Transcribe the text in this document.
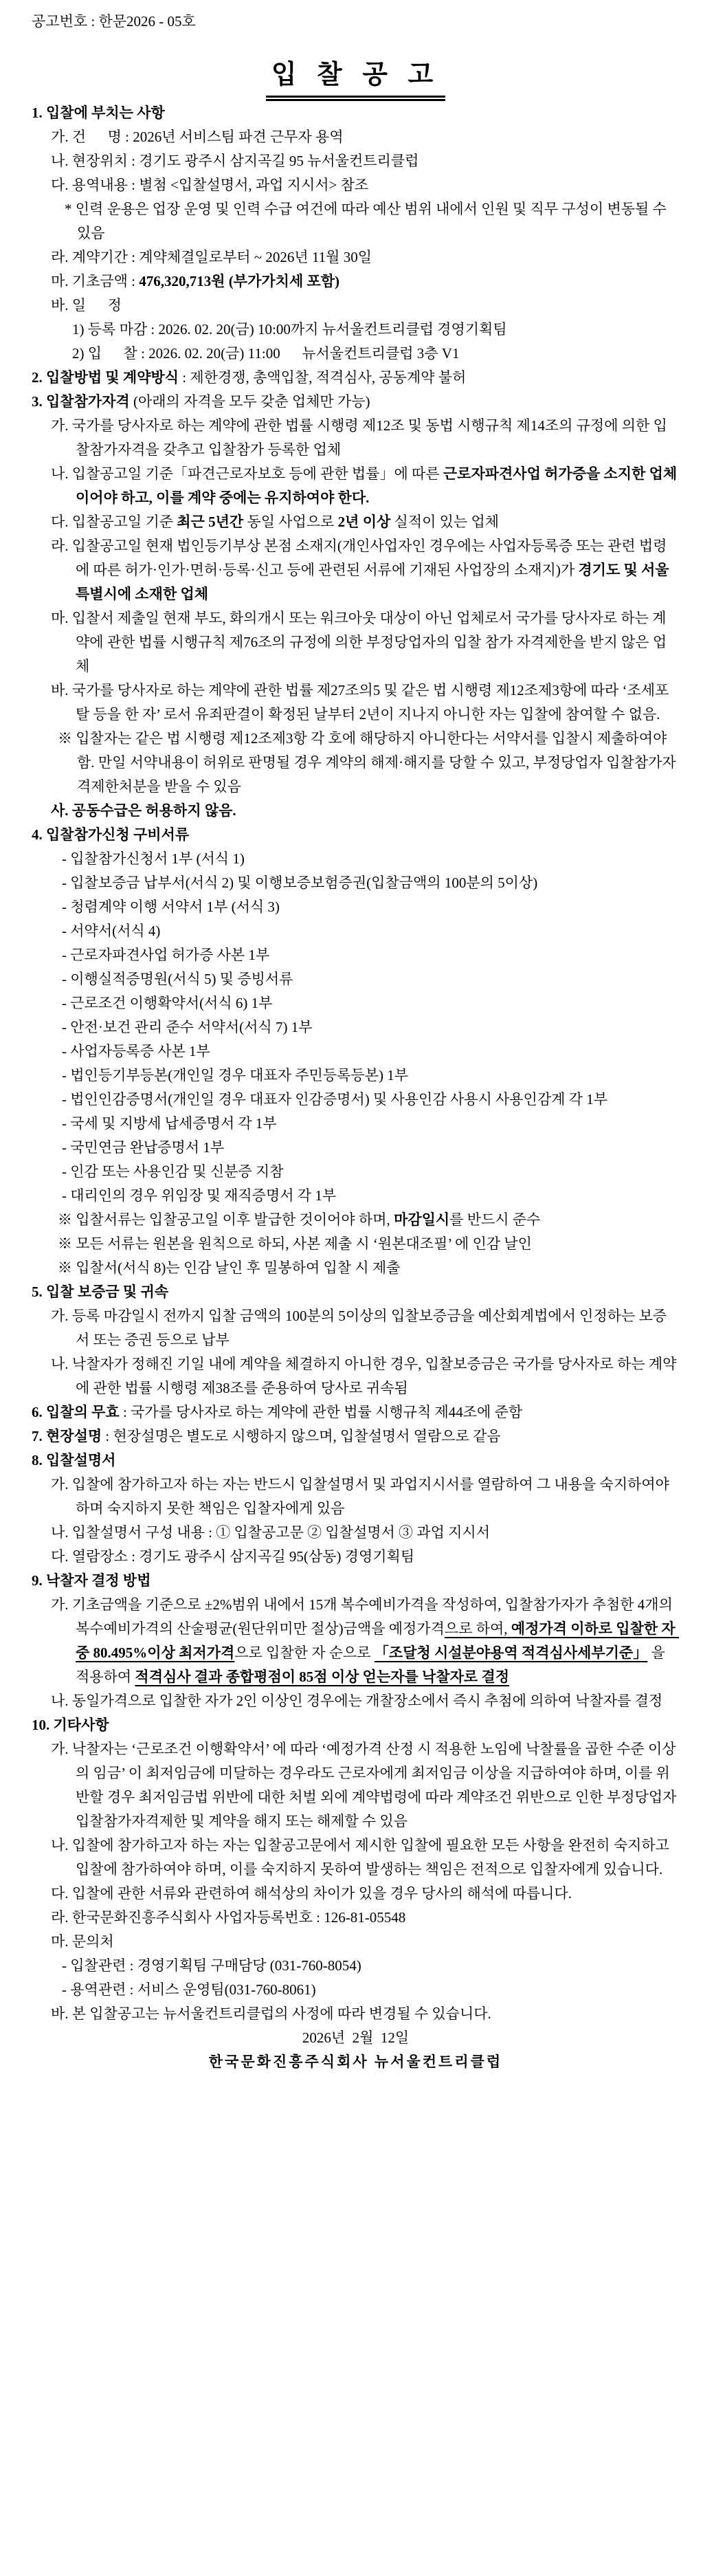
공고번호 : 한문2026 - 05호

입 찰 공 고

1. 입찰에 부치는 사항

가. 건      명 : 2026년 서비스팀 파견 근무자 용역

나. 현장위치 : 경기도 광주시 삼지곡길 95 뉴서울컨트리클럽

다. 용역내용 : 별첨 <입찰설명서, 과업 지시서> 참조

* 인력 운용은 업장 운영 및 인력 수급 여건에 따라 예산 범위 내에서 인원 및 직무 구성이 변동될 수 있음

라. 계약기간 : 계약체결일로부터 ~ 2026년 11월 30일

마. 기초금액 : 476,320,713원 (부가가치세 포함)

바. 일      정

1) 등록 마감 : 2026. 02. 20(금) 10:00까지 뉴서울컨트리클럽 경영기획팀

2) 입      찰 : 2026. 02. 20(금) 11:00      뉴서울컨트리클럽 3층 V1

2. 입찰방법 및 계약방식 : 제한경쟁, 총액입찰, 적격심사, 공동계약 불허

3. 입찰참가자격 (아래의 자격을 모두 갖춘 업체만 가능)

가. 국가를 당사자로 하는 계약에 관한 법률 시행령 제12조 및 동법 시행규칙 제14조의 규정에 의한 입찰참가자격을 갖추고 입찰참가 등록한 업체

나. 입찰공고일 기준「파견근로자보호 등에 관한 법률」에 따른 근로자파견사업 허가증을 소지한 업체이어야 하고, 이를 계약 중에는 유지하여야 한다.

다. 입찰공고일 기준 최근 5년간 동일 사업으로 2년 이상 실적이 있는 업체

라. 입찰공고일 현재 법인등기부상 본점 소재지(개인사업자인 경우에는 사업자등록증 또는 관련 법령에 따른 허가·인가·면허·등록·신고 등에 관련된 서류에 기재된 사업장의 소재지)가 경기도 및 서울특별시에 소재한 업체

마. 입찰서 제출일 현재 부도, 화의개시 또는 워크아웃 대상이 아닌 업체로서 국가를 당사자로 하는 계약에 관한 법률 시행규칙 제76조의 규정에 의한 부정당업자의 입찰 참가 자격제한을 받지 않은 업체

바. 국가를 당사자로 하는 계약에 관한 법률 제27조의5 및 같은 법 시행령 제12조제3항에 따라 ‘조세포탈 등을 한 자’ 로서 유죄판결이 확정된 날부터 2년이 지나지 아니한 자는 입찰에 참여할 수 없음.

※ 입찰자는 같은 법 시행령 제12조제3항 각 호에 해당하지 아니한다는 서약서를 입찰시 제출하여야 함. 만일 서약내용이 허위로 판명될 경우 계약의 해제·해지를 당할 수 있고, 부정당업자 입찰참가자격제한처분을 받을 수 있음

사. 공동수급은 허용하지 않음.

4. 입찰참가신청 구비서류

- 입찰참가신청서 1부 (서식 1)

- 입찰보증금 납부서(서식 2) 및 이행보증보험증권(입찰금액의 100분의 5이상)

- 청렴계약 이행 서약서 1부 (서식 3)

- 서약서(서식 4)

- 근로자파견사업 허가증 사본 1부

- 이행실적증명원(서식 5) 및 증빙서류

- 근로조건 이행확약서(서식 6) 1부

- 안전·보건 관리 준수 서약서(서식 7) 1부

- 사업자등록증 사본 1부

- 법인등기부등본(개인일 경우 대표자 주민등록등본) 1부

- 법인인감증명서(개인일 경우 대표자 인감증명서) 및 사용인감 사용시 사용인감계 각 1부

- 국세 및 지방세 납세증명서 각 1부

- 국민연금 완납증명서 1부

- 인감 또는 사용인감 및 신분증 지참

- 대리인의 경우 위임장 및 재직증명서 각 1부

※ 입찰서류는 입찰공고일 이후 발급한 것이어야 하며, 마감일시를 반드시 준수

※ 모든 서류는 원본을 원칙으로 하되, 사본 제출 시 ‘원본대조필’ 에 인감 날인

※ 입찰서(서식 8)는 인감 날인 후 밀봉하여 입찰 시 제출

5. 입찰 보증금 및 귀속

가. 등록 마감일시 전까지 입찰 금액의 100분의 5이상의 입찰보증금을 예산회계법에서 인정하는 보증서 또는 증권 등으로 납부

나. 낙찰자가 정해진 기일 내에 계약을 체결하지 아니한 경우, 입찰보증금은 국가를 당사자로 하는 계약에 관한 법률 시행령 제38조를 준용하여 당사로 귀속됨

6. 입찰의 무효 : 국가를 당사자로 하는 계약에 관한 법률 시행규칙 제44조에 준함

7. 현장설명 : 현장설명은 별도로 시행하지 않으며, 입찰설명서 열람으로 같음

8. 입찰설명서

가. 입찰에 참가하고자 하는 자는 반드시 입찰설명서 및 과업지시서를 열람하여 그 내용을 숙지하여야 하며 숙지하지 못한 책임은 입찰자에게 있음

나. 입찰설명서 구성 내용 : ① 입찰공고문 ② 입찰설명서 ③ 과업 지시서

다. 열람장소 : 경기도 광주시 삼지곡길 95(삼동) 경영기획팀

9. 낙찰자 결정 방법

가. 기초금액을 기준으로 ±2%범위 내에서 15개 복수예비가격을 작성하여, 입찰참가자가 추첨한 4개의 복수예비가격의 산술평균(원단위미만 절상)금액을 예정가격으로 하여, 예정가격 이하로 입찰한 자 중 80.495%이상 최저가격으로 입찰한 자 순으로 「조달청 시설분야용역 적격심사세부기준」 을 적용하여 적격심사 결과 종합평점이 85점 이상 얻는자를 낙찰자로 결정

나. 동일가격으로 입찰한 자가 2인 이상인 경우에는 개찰장소에서 즉시 추첨에 의하여 낙찰자를 결정

10. 기타사항

가. 낙찰자는 ‘근로조건 이행확약서’ 에 따라 ‘예정가격 산정 시 적용한 노임에 낙찰률을 곱한 수준 이상의 임금’ 이 최저임금에 미달하는 경우라도 근로자에게 최저임금 이상을 지급하여야 하며, 이를 위반할 경우 최저임금법 위반에 대한 처벌 외에 계약법령에 따라 계약조건 위반으로 인한 부정당업자 입찰참가자격제한 및 계약을 해지 또는 해제할 수 있음

나. 입찰에 참가하고자 하는 자는 입찰공고문에서 제시한 입찰에 필요한 모든 사항을 완전히 숙지하고 입찰에 참가하여야 하며, 이를 숙지하지 못하여 발생하는 책임은 전적으로 입찰자에게 있습니다.

다. 입찰에 관한 서류와 관련하여 해석상의 차이가 있을 경우 당사의 해석에 따릅니다.

라. 한국문화진흥주식회사 사업자등록번호 : 126-81-05548

마. 문의처

- 입찰관련 : 경영기획팀 구매담당 (031-760-8054)

- 용역관련 : 서비스 운영팀(031-760-8061)

바. 본 입찰공고는 뉴서울컨트리클럽의 사정에 따라 변경될 수 있습니다.

2026년  2월  12일

한국문화진흥주식회사 뉴서울컨트리클럽
